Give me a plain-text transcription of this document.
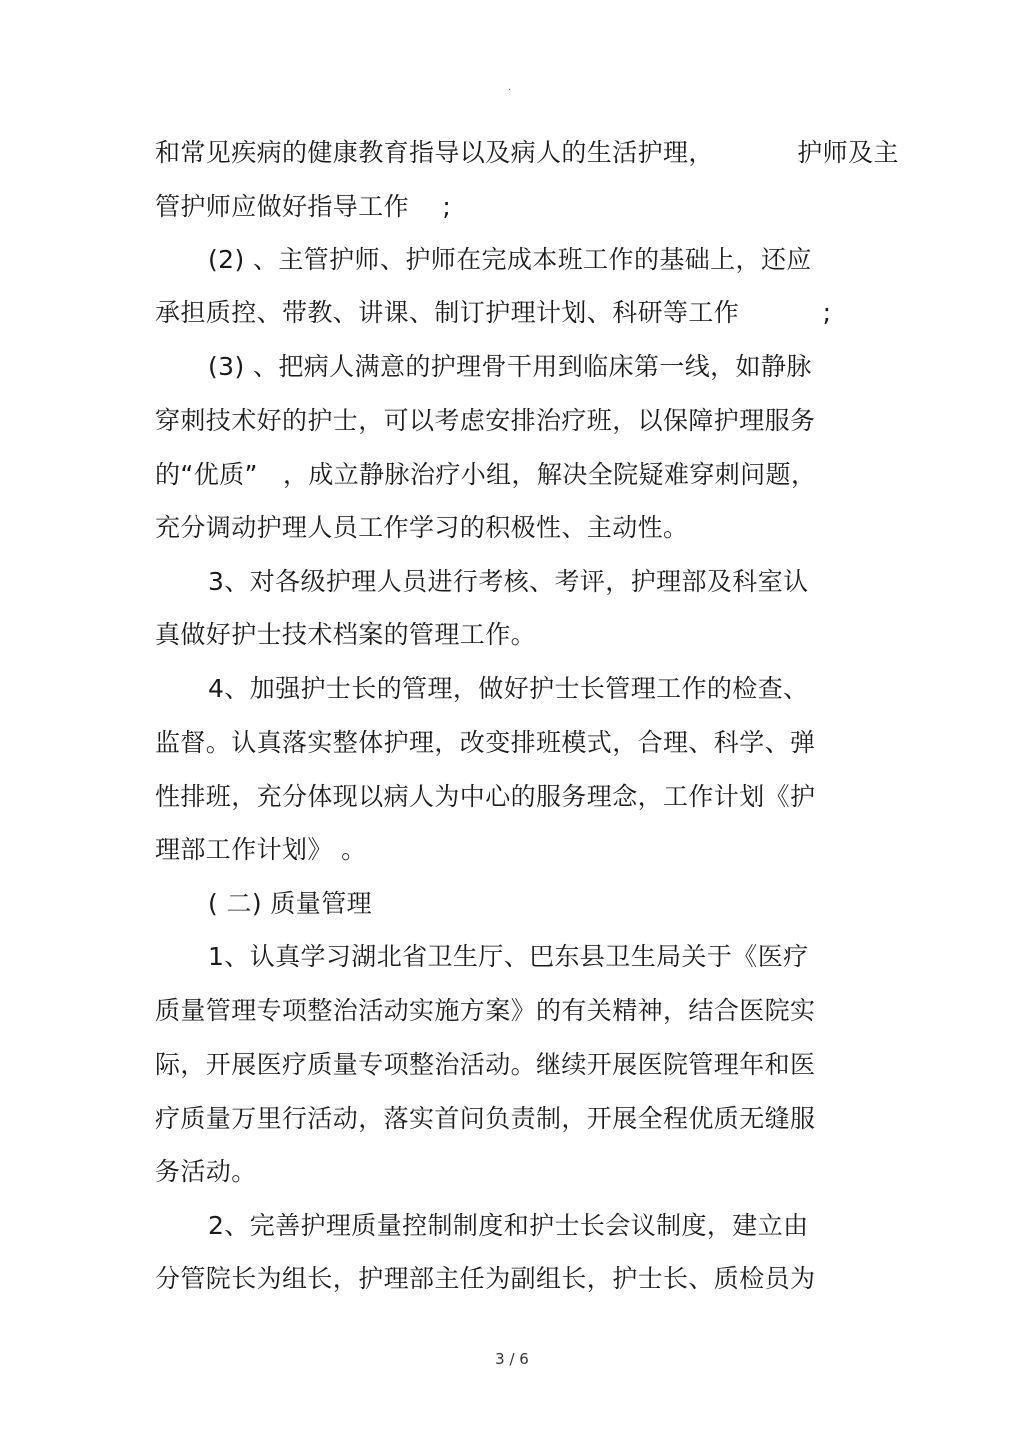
.
和常见疾病的健康教育指导以及病人的生活护理，          护师及主
管护师应做好指导工作    ;
(2) 、主管护师、护师在完成本班工作的基础上，还应
承担质控、带教、讲课、制订护理计划、科研等工作          ;
(3) 、把病人满意的护理骨干用到临床第一线，如静脉
穿刺技术好的护士，可以考虑安排治疗班，以保障护理服务
的“优质”   ，成立静脉治疗小组，解决全院疑难穿刺问题，
充分调动护理人员工作学习的积极性、主动性。
3、对各级护理人员进行考核、考评，护理部及科室认
真做好护士技术档案的管理工作。
4、加强护士长的管理，做好护士长管理工作的检查、
监督。认真落实整体护理，改变排班模式，合理、科学、弹
性排班，充分体现以病人为中心的服务理念，工作计划《护
理部工作计划》 。
( 二) 质量管理
1、认真学习湖北省卫生厅、巴东县卫生局关于《医疗
质量管理专项整治活动实施方案》的有关精神，结合医院实
际，开展医疗质量专项整治活动。继续开展医院管理年和医
疗质量万里行活动，落实首问负责制，开展全程优质无缝服
务活动。
2、完善护理质量控制制度和护士长会议制度，建立由
分管院长为组长，护理部主任为副组长，护士长、质检员为
3 / 6
